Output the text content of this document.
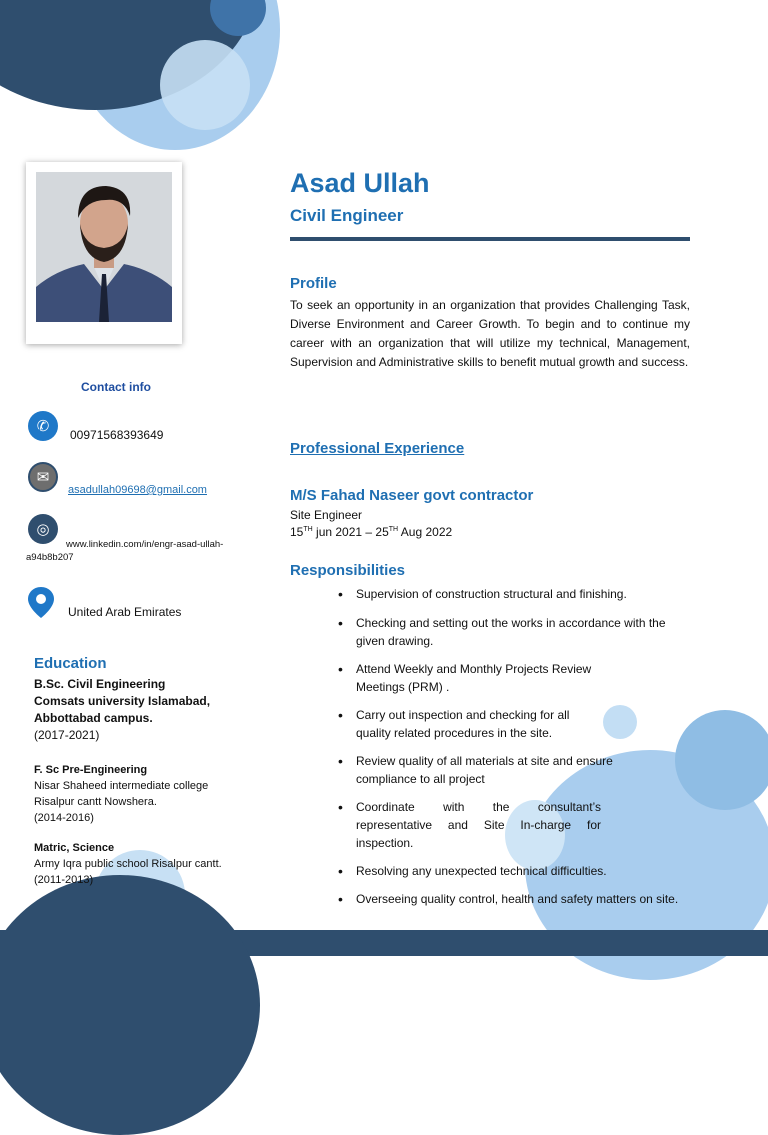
Asad Ullah
Civil Engineer
Profile
To seek an opportunity in an organization that provides Challenging Task, Diverse Environment and Career Growth. To begin and to continue my career with an organization that will utilize my technical, Management, Supervision and Administrative skills to benefit mutual growth and success.
Professional Experience
M/S Fahad Naseer govt contractor
Site Engineer
15TH jun 2021 – 25TH Aug 2022
Responsibilities
• Supervision of construction structural and finishing.
• Checking and setting out the works in accordance with the given drawing.
• Attend Weekly and Monthly Projects Review Meetings (PRM) .
• Carry out inspection and checking for all quality related procedures in the site.
• Review quality of all materials at site and ensure compliance to all project
• Coordinate with the consultant’s representative and Site In-charge for inspection.
• Resolving any unexpected technical difficulties.
• Overseeing quality control, health and safety matters on site.
Contact info
✆	00971568393649
✉
asadullah09698@gmail.com
◎
www.linkedin.com/in/engr-asad-ullah-
a94b8b207
United Arab Emirates
Education
B.Sc. Civil Engineering
Comsats university Islamabad,
Abbottabad campus.
(2017-2021)
F. Sc Pre-Engineering
Nisar Shaheed intermediate college
Risalpur cantt Nowshera.
(2014-2016)
Matric, Science
Army Iqra public school Risalpur cantt.
(2011-2013)
